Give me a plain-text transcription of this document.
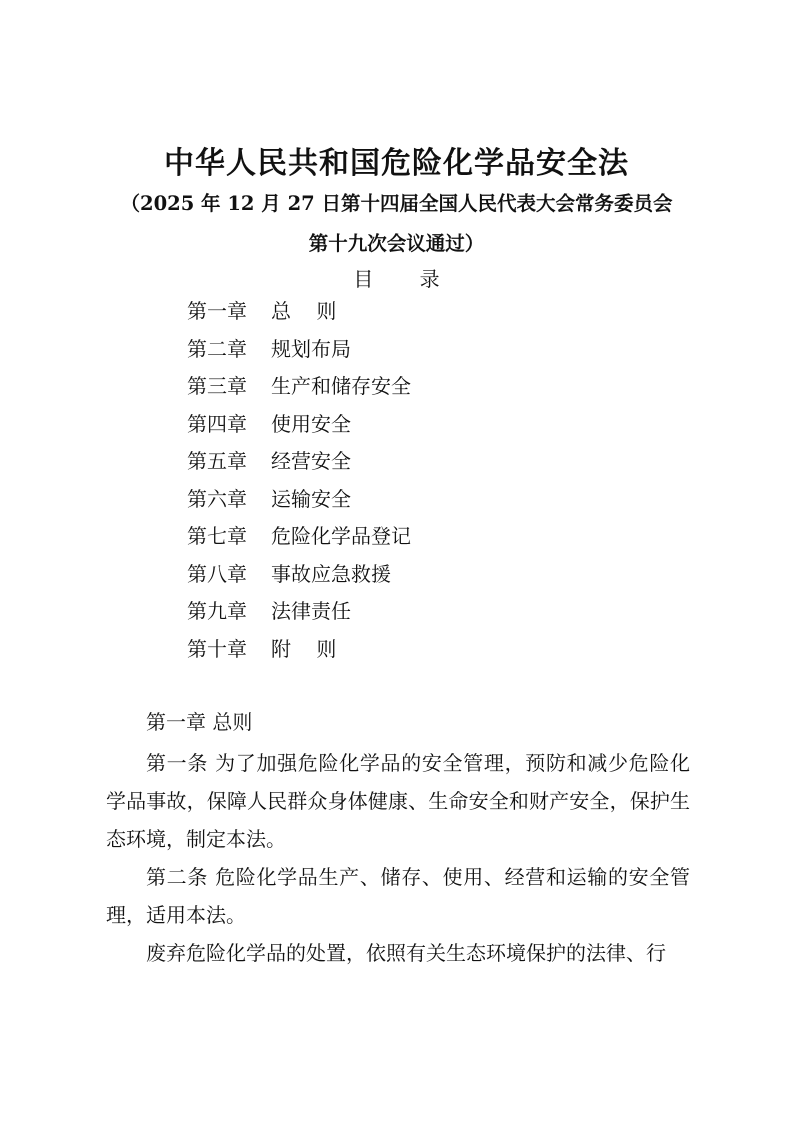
中华人民共和国危险化学品安全法
（2025 年 12 月 27 日第十四届全国人民代表大会常务委员会
第十九次会议通过）
目 录
第一章 总    则
第二章 规划布局
第三章 生产和储存安全
第四章 使用安全
第五章 经营安全
第六章 运输安全
第七章 危险化学品登记
第八章 事故应急救援
第九章 法律责任
第十章 附    则
第一章 总则

第一条 为了加强危险化学品的安全管理，预防和减少危险化学品事故，保障人民群众身体健康、生命安全和财产安全，保护生态环境，制定本法。

第二条 危险化学品生产、储存、使用、经营和运输的安全管理，适用本法。

废弃危险化学品的处置，依照有关生态环境保护的法律、行
